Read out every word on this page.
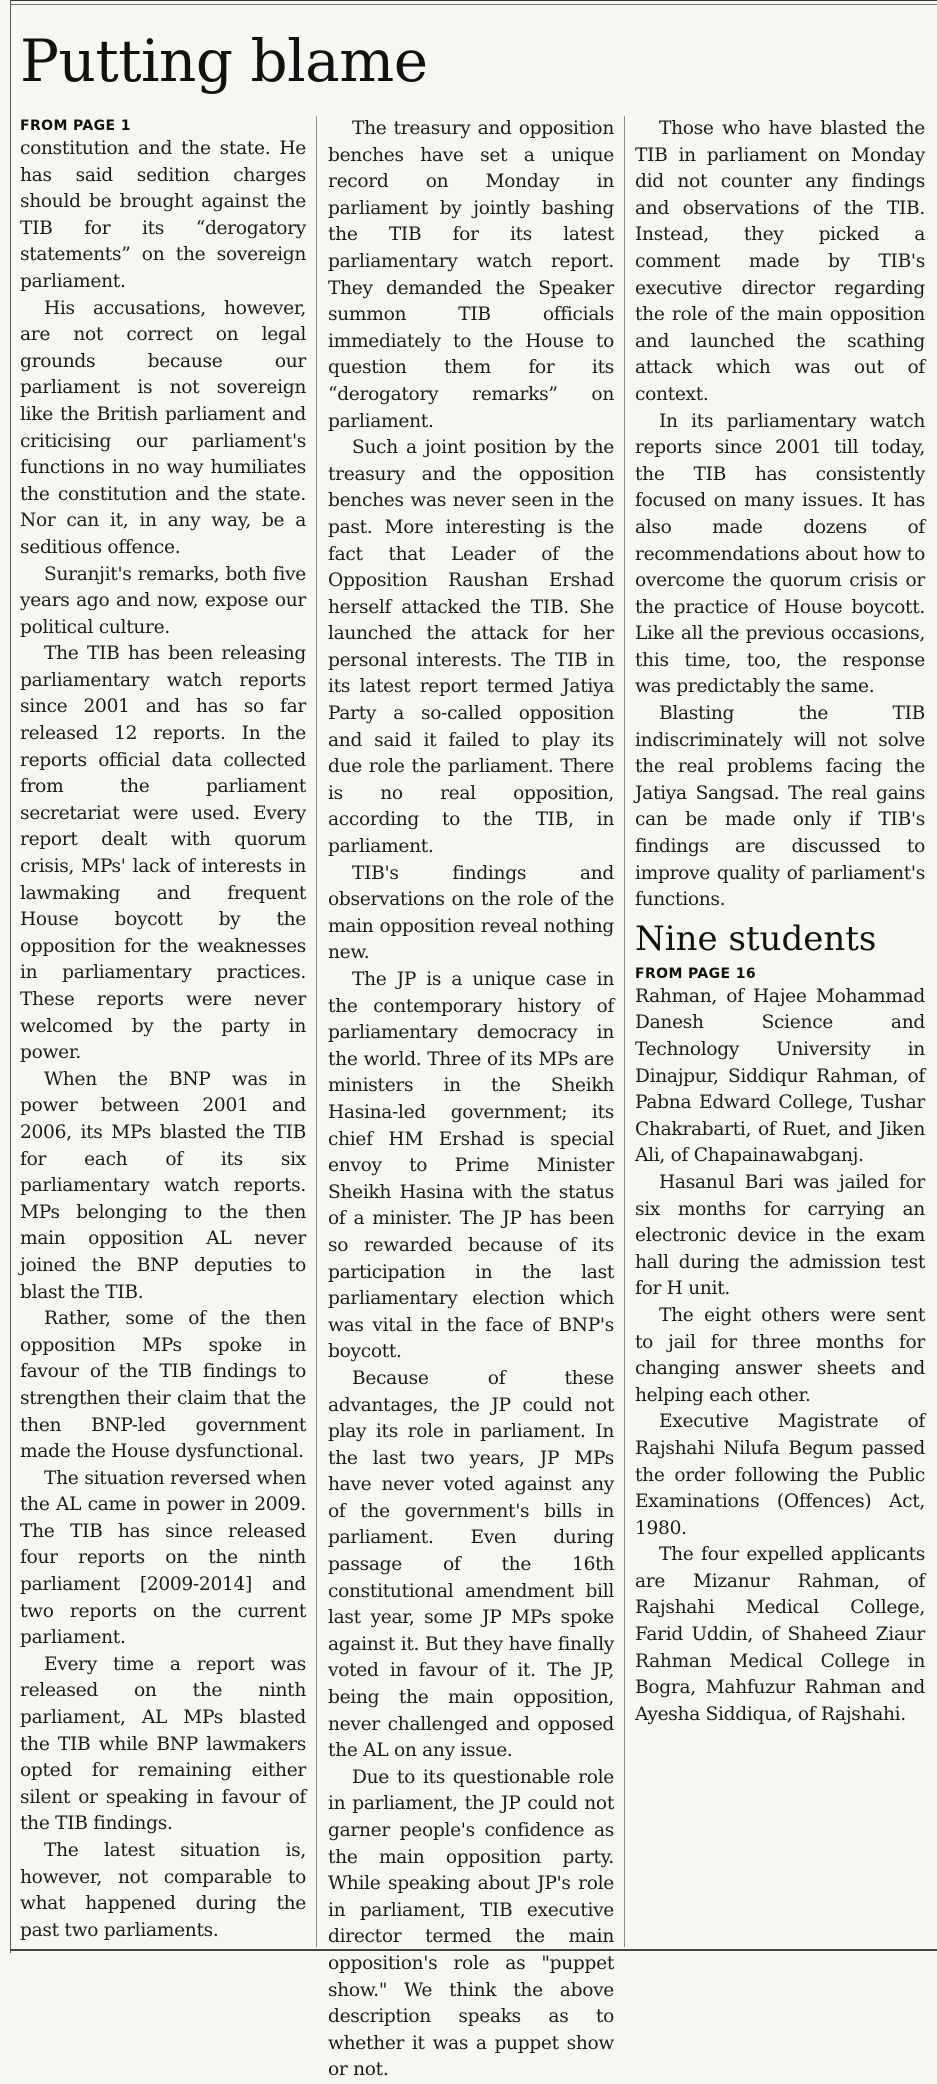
Putting blame
FROM PAGE 1

constitution and the state. He has said sedition charges should be brought against the TIB for its “derogatory statements” on the sovereign parliament.

His accusations, however, are not correct on legal grounds because our parliament is not sovereign like the British parliament and criticising our parliament's functions in no way humiliates the constitution and the state. Nor can it, in any way, be a seditious offence.

Suranjit's remarks, both five years ago and now, expose our political culture.

The TIB has been releasing parliamentary watch reports since 2001 and has so far released 12 reports. In the reports official data collected from the parliament secretariat were used. Every report dealt with quorum crisis, MPs' lack of interests in lawmaking and frequent House boycott by the opposition for the weaknesses in parliamentary practices. These reports were never welcomed by the party in power.

When the BNP was in power between 2001 and 2006, its MPs blasted the TIB for each of its six parliamentary watch reports. MPs belonging to the then main opposition AL never joined the BNP deputies to blast the TIB.

Rather, some of the then opposition MPs spoke in favour of the TIB findings to strengthen their claim that the then BNP-led government made the House dysfunctional.

The situation reversed when the AL came in power in 2009. The TIB has since released four reports on the ninth parliament [2009-2014] and two reports on the current parliament.

Every time a report was released on the ninth parliament, AL MPs blasted the TIB while BNP lawmakers opted for remaining either silent or speaking in favour of the TIB findings.

The latest situation is, however, not comparable to what happened during the past two parliaments.

The treasury and opposition benches have set a unique record on Monday in parliament by jointly bashing the TIB for its latest parliamentary watch report. They demanded the Speaker summon TIB officials immediately to the House to question them for its “derogatory remarks” on parliament.

Such a joint position by the treasury and the opposition benches was never seen in the past. More interesting is the fact that Leader of the Opposition Raushan Ershad herself attacked the TIB. She launched the attack for her personal interests. The TIB in its latest report termed Jatiya Party a so-called opposition and said it failed to play its due role the parliament. There is no real opposition, according to the TIB, in parliament.

TIB's findings and observations on the role of the main opposition reveal nothing new.

The JP is a unique case in the contemporary history of parliamentary democracy in the world. Three of its MPs are ministers in the Sheikh Hasina-led government; its chief HM Ershad is special envoy to Prime Minister Sheikh Hasina with the status of a minister. The JP has been so rewarded because of its participation in the last parliamentary election which was vital in the face of BNP's boycott.

Because of these advantages, the JP could not play its role in parliament. In the last two years, JP MPs have never voted against any of the government's bills in parliament. Even during passage of the 16th constitutional amendment bill last year, some JP MPs spoke against it. But they have finally voted in favour of it. The JP, being the main opposition, never challenged and opposed the AL on any issue.

Due to its questionable role in parliament, the JP could not garner people's confidence as the main opposition party. While speaking about JP's role in parliament, TIB executive director termed the main opposition's role as "puppet show." We think the above description speaks as to whether it was a puppet show or not.

Those who have blasted the TIB in parliament on Monday did not counter any findings and observations of the TIB. Instead, they picked a comment made by TIB's executive director regarding the role of the main opposition and launched the scathing attack which was out of context.

In its parliamentary watch reports since 2001 till today, the TIB has consistently focused on many issues. It has also made dozens of recommendations about how to overcome the quorum crisis or the practice of House boycott. Like all the previous occasions, this time, too, the response was predictably the same.

Blasting the TIB indiscriminately will not solve the real problems facing the Jatiya Sangsad. The real gains can be made only if TIB's findings are discussed to improve quality of parliament's functions.

Nine students
FROM PAGE 16

Rahman, of Hajee Mohammad Danesh Science and Technology University in Dinajpur, Siddiqur Rahman, of Pabna Edward College, Tushar Chakrabarti, of Ruet, and Jiken Ali, of Chapainawabganj.

Hasanul Bari was jailed for six months for carrying an electronic device in the exam hall during the admission test for H unit.

The eight others were sent to jail for three months for changing answer sheets and helping each other.

Executive Magistrate of Rajshahi Nilufa Begum passed the order following the Public Examinations (Offences) Act, 1980.

The four expelled applicants are Mizanur Rahman, of Rajshahi Medical College, Farid Uddin, of Shaheed Ziaur Rahman Medical College in Bogra, Mahfuzur Rahman and Ayesha Siddiqua, of Rajshahi.
